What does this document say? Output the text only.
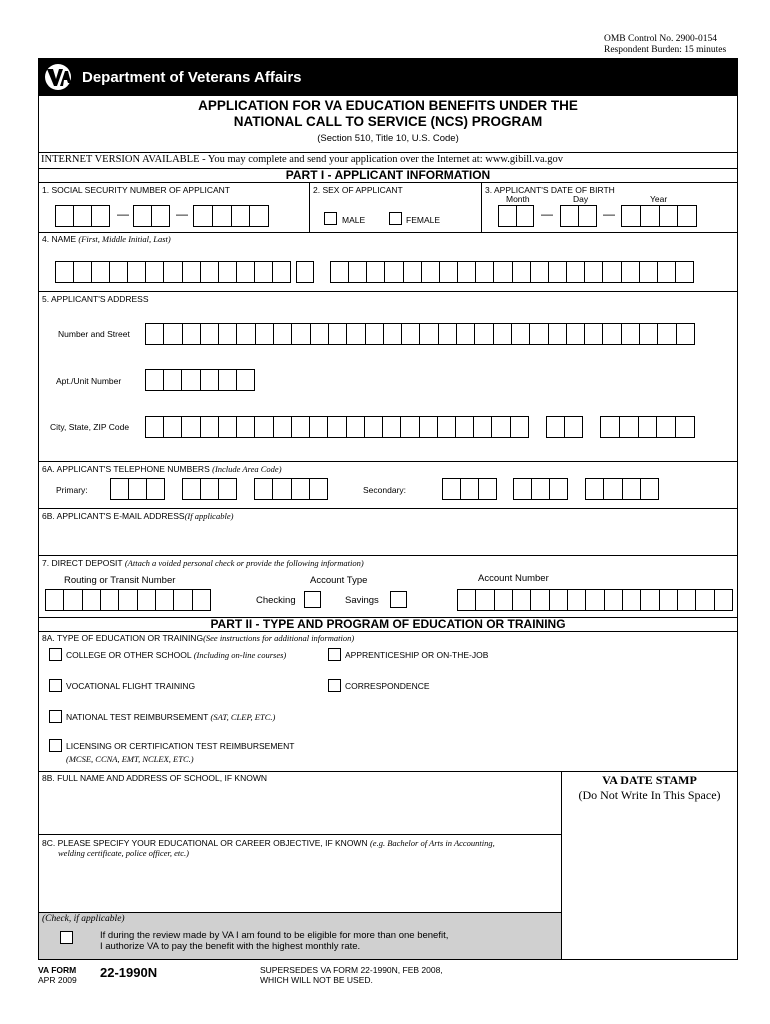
OMB Control No. 2900-0154
Respondent Burden: 15 minutes
Department of Veterans Affairs
APPLICATION FOR VA EDUCATION BENEFITS UNDER THE
NATIONAL CALL TO SERVICE (NCS) PROGRAM
(Section 510, Title 10, U.S. Code)
INTERNET VERSION AVAILABLE - You may complete and send your application over the Internet at: www.gibill.va.gov
PART I - APPLICANT INFORMATION
1. SOCIAL SECURITY NUMBER OF APPLICANT	2. SEX OF APPLICANT	3. APPLICANT'S DATE OF BIRTH
Month	Day	Year
—	—	MALE	FEMALE	—	—
4. NAME (First, Middle Initial, Last)
5. APPLICANT'S ADDRESS
Number and Street
Apt./Unit Number
City, State, ZIP Code
6A. APPLICANT'S TELEPHONE NUMBERS (Include Area Code)
Primary:	Secondary:
6B. APPLICANT'S E-MAIL ADDRESS(If applicable)
7. DIRECT DEPOSIT (Attach a voided personal check or provide the following information)
Routing or Transit Number	Account Type	Account Number
Checking	Savings
PART II - TYPE AND PROGRAM OF EDUCATION OR TRAINING
8A. TYPE OF EDUCATION OR TRAINING(See instructions for additional information)
COLLEGE OR OTHER SCHOOL (Including on-line courses)	APPRENTICESHIP OR ON-THE-JOB
VOCATIONAL FLIGHT TRAINING	CORRESPONDENCE
NATIONAL TEST REIMBURSEMENT (SAT, CLEP, ETC.)
LICENSING OR CERTIFICATION TEST REIMBURSEMENT
(MCSE, CCNA, EMT, NCLEX, ETC.)
8B. FULL NAME AND ADDRESS OF SCHOOL, IF KNOWN	VA DATE STAMP
(Do Not Write In This Space)
8C. PLEASE SPECIFY YOUR EDUCATIONAL OR CAREER OBJECTIVE, IF KNOWN (e.g. Bachelor of Arts in Accounting,
welding certificate, police officer, etc.)
(Check, if applicable)
If during the review made by VA I am found to be eligible for more than one benefit,
I authorize VA to pay the benefit with the highest monthly rate.
VA FORM
APR 2009 22-1990N	SUPERSEDES VA FORM 22-1990N, FEB 2008,
WHICH WILL NOT BE USED.
